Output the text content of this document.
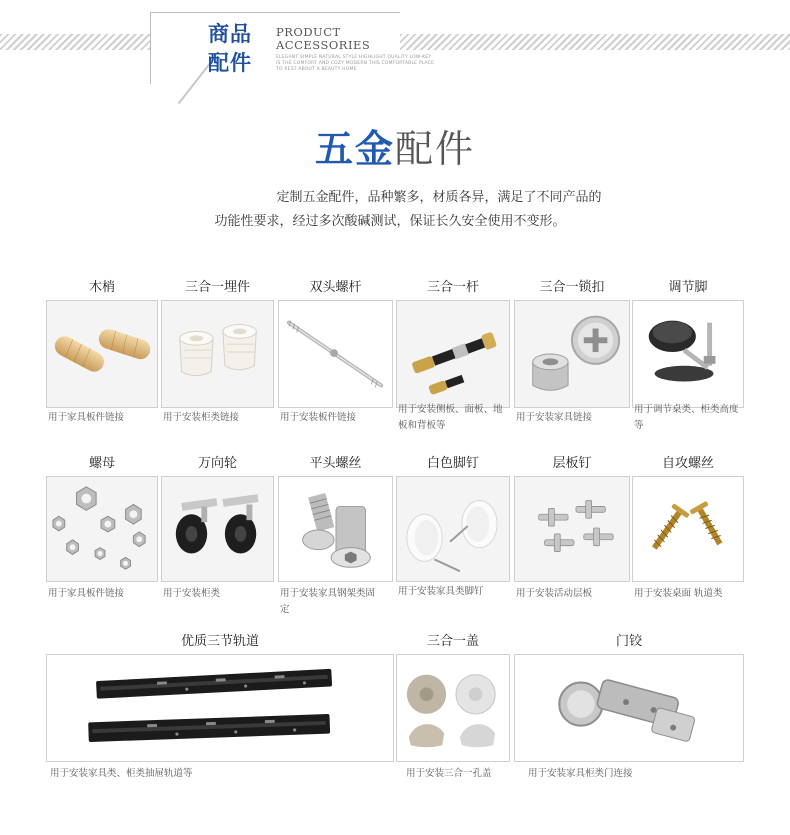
商品
配件
PRODUCT
ACCESSORIES
ELEGANT SIMPLE NATURAL STYLE HIGHLIGHT QUALITY LOW-KEY
IS THE COMFORT AND COZY MODERN THIS COMFORTABLE PLACE
TO REST ABOUT A BEAUTY HOME
五金配件
定制五金配件，品种繁多，材质各异，满足了不同产品的
功能性要求，经过多次酸碱测试，保证长久安全使用不变形。
木梢
用于家具板件链接
三合一埋件
用于安装柜类链接
双头螺杆
用于安装板件链接
三合一杆
用于安装侧板、面板、地板和背板等
三合一锁扣
用于安装家具链接
调节脚
用于调节桌类、柜类高度等
螺母
用于家具板件链接
万向轮
用于安装柜类
平头螺丝
用于安装家具钢架类固定
白色脚钉
用于安装家具类脚钉
层板钉
用于安装活动层板
自攻螺丝
用于安装桌面 轨道类
优质三节轨道
用于安装家具类、柜类抽屉轨道等
三合一盖
用于安装三合一孔盖
门铰
用于安装家具柜类门连接
